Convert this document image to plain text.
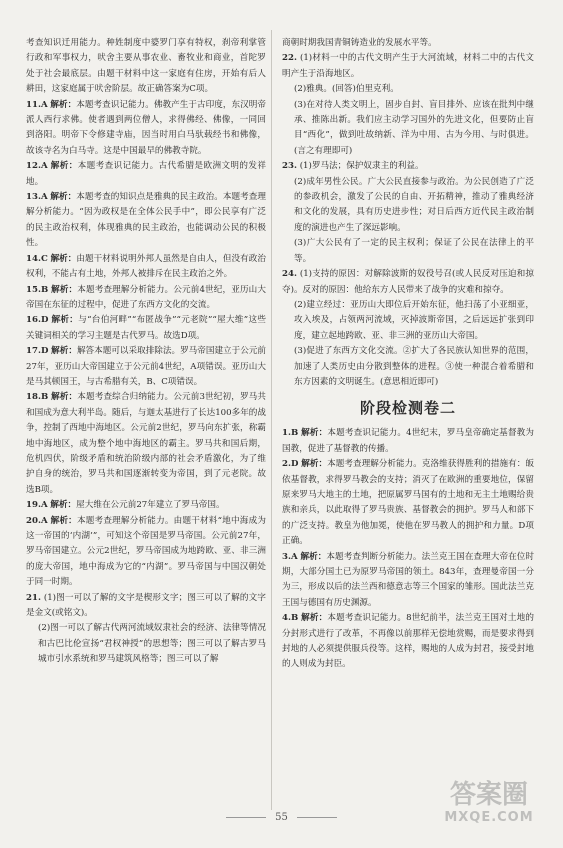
考查知识迁用能力。种姓制度中婆罗门享有特权，刹帝利掌管行政和军事权力，吠舍主要从事农业、畜牧业和商业，首陀罗处于社会最底层。由题干材料中这一家庭有住房，开始有后人耕田，这家庭属于吠舍阶层。故正确答案为C项。
11.A 解析：本题考查识记能力。佛教产生于古印度，东汉明帝派人西行求佛。使者遇到两位僧人，求得佛经、佛像，一同回到洛阳。明帝下令修建寺庙，因当时用白马驮载经书和佛像，故该寺名为白马寺。这是中国最早的佛教寺院。
12.A 解析：本题考查识记能力。古代希腊是欧洲文明的发祥地。
13.A 解析：本题考查的知识点是雅典的民主政治。本题考查理解分析能力。“因为政权是在全体公民手中”，即公民享有广泛的民主政治权利，体现雅典的民主政治，也能调动公民的积极性。
14.C 解析：由题干材料说明外邦人虽然是自由人，但没有政治权利，不能占有土地，外邦人被排斥在民主政治之外。
15.B 解析：本题考查理解分析能力。公元前4世纪，亚历山大帝国在东征的过程中，促进了东西方文化的交流。
16.D 解析：与“台伯河畔”“布匿战争”“元老院”“屋大维”这些关键词相关的学习主题是古代罗马。故选D项。
17.D 解析：解答本题可以采取排除法。罗马帝国建立于公元前27年，亚历山大帝国建立于公元前4世纪，A项错误。亚历山大是马其顿国王，与古希腊有关，B、C项错误。
18.B 解析：本题考查综合归纳能力。公元前3世纪初，罗马共和国成为意大利半岛。随后，与迦太基进行了长达100多年的战争，控制了西地中海地区。公元前2世纪，罗马向东扩张，称霸地中海地区，成为整个地中海地区的霸主。罗马共和国后期，危机四伏，阶级矛盾和统治阶级内部的社会矛盾激化，为了维护自身的统治，罗马共和国逐渐转变为帝国，到了元老院。故选B项。
19.A 解析：屋大维在公元前27年建立了罗马帝国。
20.A 解析：本题考查理解分析能力。由题干材料“地中海成为这一帝国的‘内湖’”，可知这个帝国是罗马帝国。公元前27年，罗马帝国建立。公元2世纪，罗马帝国成为地跨欧、亚、非三洲的庞大帝国，地中海成为它的“内湖”。罗马帝国与中国汉朝处于同一时期。
21. (1)图一可以了解的文字是楔形文字；图三可以了解的文字是金文(或铭文)。
(2)图一可以了解古代两河流域奴隶社会的经济、法律等情况和古巴比伦宣扬“君权神授”的思想等；图三可以了解古罗马城市引水系统和罗马建筑风格等；图三可以了解
商朝时期我国青铜铸造业的发展水平等。
22. (1)材料一中的古代文明产生于大河流域，材料二中的古代文明产生于沿海地区。
(2)雅典。(回答)伯里克利。
(3)在对待人类文明上，固步自封、盲目排外、应该在批判中继承、推陈出新。我们应主动学习国外的先进文化，但要防止盲目“西化”，做到吐故纳新、洋为中用、古为今用、与时俱进。(言之有理即可)
23. (1)罗马法；保护奴隶主的利益。
(2)成年男性公民。广大公民直接参与政治。为公民创造了广泛的参政机会，激发了公民的自由、开拓精神，推动了雅典经济和文化的发展，具有历史进步性；对日后西方近代民主政治制度的演进也产生了深远影响。
(3)广大公民有了一定的民主权利；保证了公民在法律上的平等。
24. (1)支持的原因：对解除波斯的奴役号召(或人民反对压迫和掠夺)。反对的原因：他给东方人民带来了战争的灾难和掠夺。
(2)建立经过：亚历山大即位后开始东征，他扫荡了小亚细亚，攻入埃及，占领两河流域，灭掉波斯帝国，之后远远扩张到印度，建立起地跨欧、亚、非三洲的亚历山大帝国。
(3)促进了东西方文化交流。②扩大了各民族认知世界的范围，加速了人类历史由分散到整体的进程。③使一种混合着希腊和东方因素的文明诞生。(意思相近即可)
阶段检测卷二
1.B 解析：本题考查识记能力。4世纪末，罗马皇帝确定基督教为国教，促进了基督教的传播。
2.D 解析：本题考查理解分析能力。克洛维获得胜利的措施有：皈依基督教，求得罗马教会的支持；消灭了在欧洲的重要地位，保留原来罗马大地主的土地，把原属罗马国有的土地和无主土地赐给贵族和亲兵，以此取得了罗马贵族、基督教会的拥护。罗马人和部下的广泛支持。教皇为他加冕，使他在罗马教人的拥护和力量。D项正确。
3.A 解析：本题考查判断分析能力。法兰克王国在查理大帝在位时期，大部分国土已为原罗马帝国的领土。843年，查理曼帝国一分为三，形成以后的法兰西和德意志等三个国家的雏形。国此法兰克王国与德国有历史渊源。
4.B 解析：本题考查识记能力。8世纪前半，法兰克王国对土地的分封形式进行了改革，不再像以前那样无偿地赏赐，而是要求得到封地的人必须提供服兵役等。这样，赐地的人成为封君，接受封地的人则成为封臣。
55
答案圈
MXQE.COM
